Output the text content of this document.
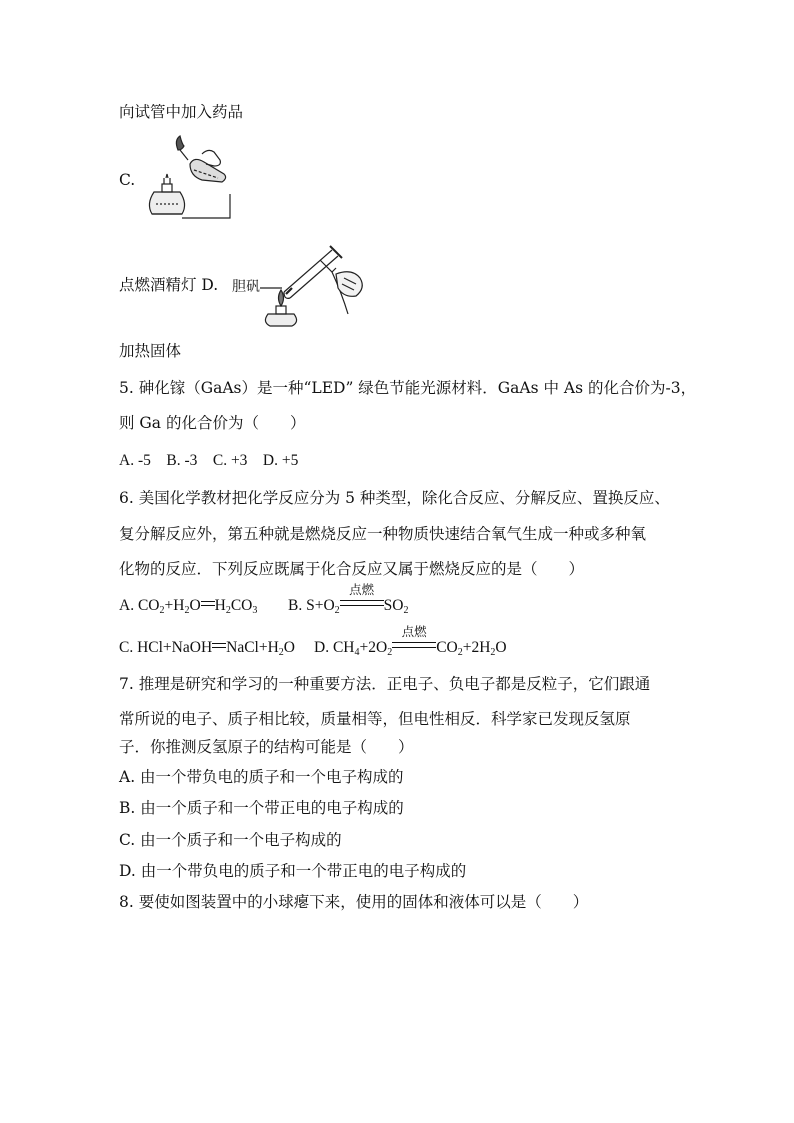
向试管中加入药品
C.
点燃酒精灯 D. 胆矾
加热固体
5. 砷化镓（GaAs）是一种“LED” 绿色节能光源材料．GaAs 中 As 的化合价为-3，
则 Ga 的化合价为（　　）
A. -5　B. -3　C. +3　D. +5
6. 美国化学教材把化学反应分为 5 种类型，除化合反应、分解反应、置换反应、
复分解反应外，第五种就是燃烧反应一种物质快速结合氧气生成一种或多种氧
化物的反应．下列反应既属于化合反应又属于燃烧反应的是（　　）
A. $CO_2+H_2O$ $H_2CO_3$ B. $S+O_2$
点燃
$SO_2$
C. HCl+NaOH $NaCl+H_2O$ D. $CH_4+2O_2$
点燃
$CO_2+2H_2O$
7. 推理是研究和学习的一种重要方法．正电子、负电子都是反粒子，它们跟通
常所说的电子、质子相比较，质量相等，但电性相反．科学家已发现反氢原
子．你推测反氢原子的结构可能是（　　）
A. 由一个带负电的质子和一个电子构成的
B. 由一个质子和一个带正电的电子构成的
C. 由一个质子和一个电子构成的
D. 由一个带负电的质子和一个带正电的电子构成的
8. 要使如图装置中的小球瘪下来，使用的固体和液体可以是（　　）
